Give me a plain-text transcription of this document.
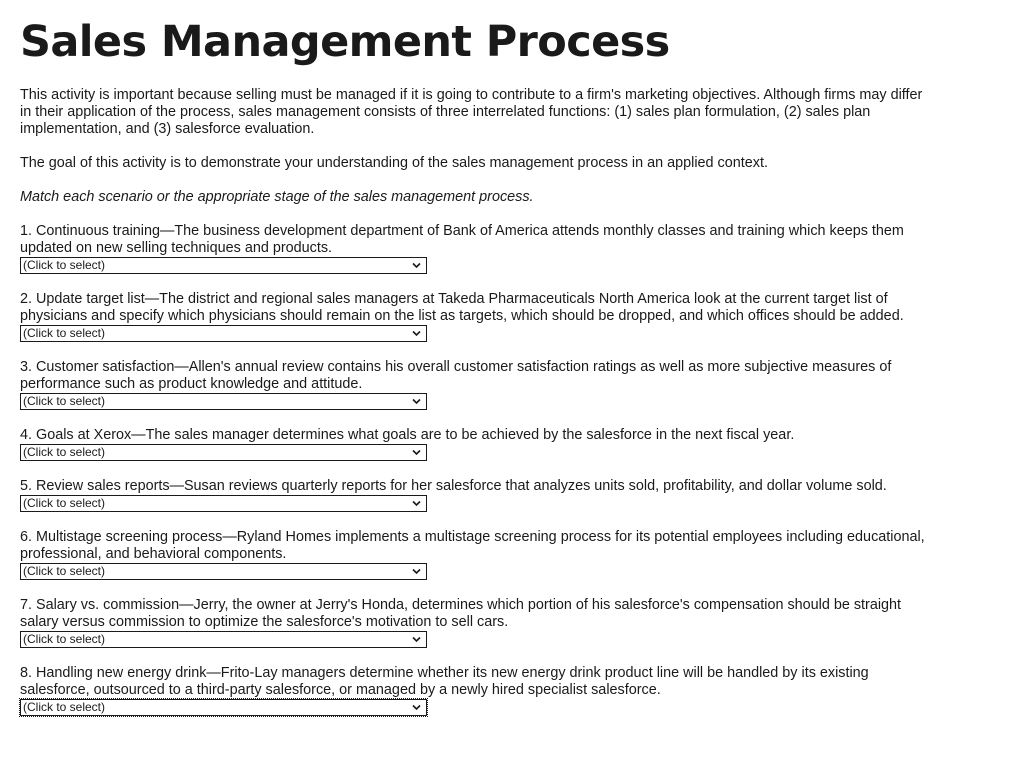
Sales Management Process

This activity is important because selling must be managed if it is going to contribute to a firm's marketing objectives. Although firms may differ in their application of the process, sales management consists of three interrelated functions: (1) sales plan formulation, (2) sales plan implementation, and (3) salesforce evaluation.

The goal of this activity is to demonstrate your understanding of the sales management process in an applied context.

Match each scenario or the appropriate stage of the sales management process.

1. Continuous training—The business development department of Bank of America attends monthly classes and training which keeps them updated on new selling techniques and products.
(Click to select)
2. Update target list—The district and regional sales managers at Takeda Pharmaceuticals North America look at the current target list of physicians and specify which physicians should remain on the list as targets, which should be dropped, and which offices should be added.
(Click to select)
3. Customer satisfaction—Allen's annual review contains his overall customer satisfaction ratings as well as more subjective measures of performance such as product knowledge and attitude.
(Click to select)
4. Goals at Xerox—The sales manager determines what goals are to be achieved by the salesforce in the next fiscal year.
(Click to select)
5. Review sales reports—Susan reviews quarterly reports for her salesforce that analyzes units sold, profitability, and dollar volume sold.
(Click to select)
6. Multistage screening process—Ryland Homes implements a multistage screening process for its potential employees including educational, professional, and behavioral components.
(Click to select)
7. Salary vs. commission—Jerry, the owner at Jerry's Honda, determines which portion of his salesforce's compensation should be straight salary versus commission to optimize the salesforce's motivation to sell cars.
(Click to select)
8. Handling new energy drink—Frito-Lay managers determine whether its new energy drink product line will be handled by its existing salesforce, outsourced to a third-party salesforce, or managed by a newly hired specialist salesforce.
(Click to select)
